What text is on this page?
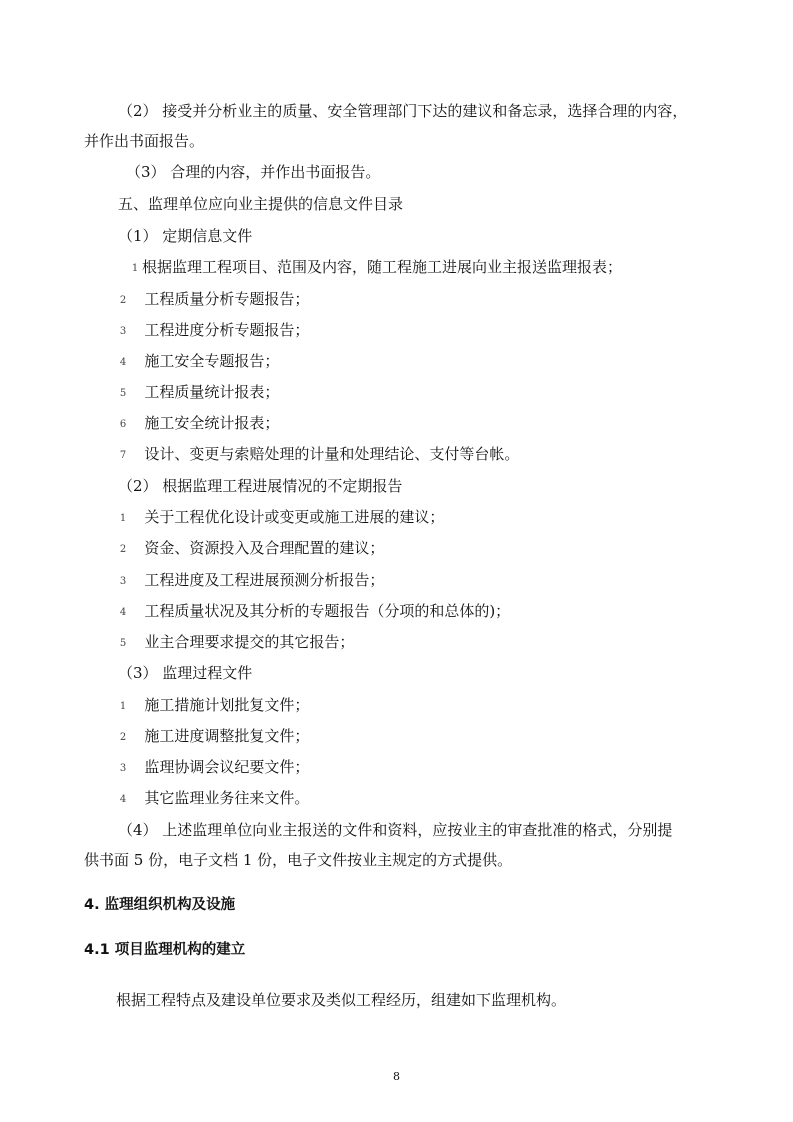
（2） 接受并分析业主的质量、安全管理部门下达的建议和备忘录，选择合理的内容，
并作出书面报告。
（3） 合理的内容，并作出书面报告。
五、监理单位应向业主提供的信息文件目录
（1） 定期信息文件
1 根据监理工程项目、范围及内容，随工程施工进展向业主报送监理报表；
2 工程质量分析专题报告；
3 工程进度分析专题报告；
4 施工安全专题报告；
5 工程质量统计报表；
6 施工安全统计报表；
7 设计、变更与索赔处理的计量和处理结论、支付等台帐。
（2） 根据监理工程进展情况的不定期报告
1 关于工程优化设计或变更或施工进展的建议；
2 资金、资源投入及合理配置的建议；
3 工程进度及工程进展预测分析报告；
4 工程质量状况及其分析的专题报告（分项的和总体的)；
5 业主合理要求提交的其它报告；
（3） 监理过程文件
1 施工措施计划批复文件；
2 施工进度调整批复文件；
3 监理协调会议纪要文件；
4 其它监理业务往来文件。
（4） 上述监理单位向业主报送的文件和资料，应按业主的审查批准的格式，分别提
供书面 5 份，电子文档 1 份，电子文件按业主规定的方式提供。
4. 监理组织机构及设施
4.1 项目监理机构的建立
根据工程特点及建设单位要求及类似工程经历，组建如下监理机构。
8
